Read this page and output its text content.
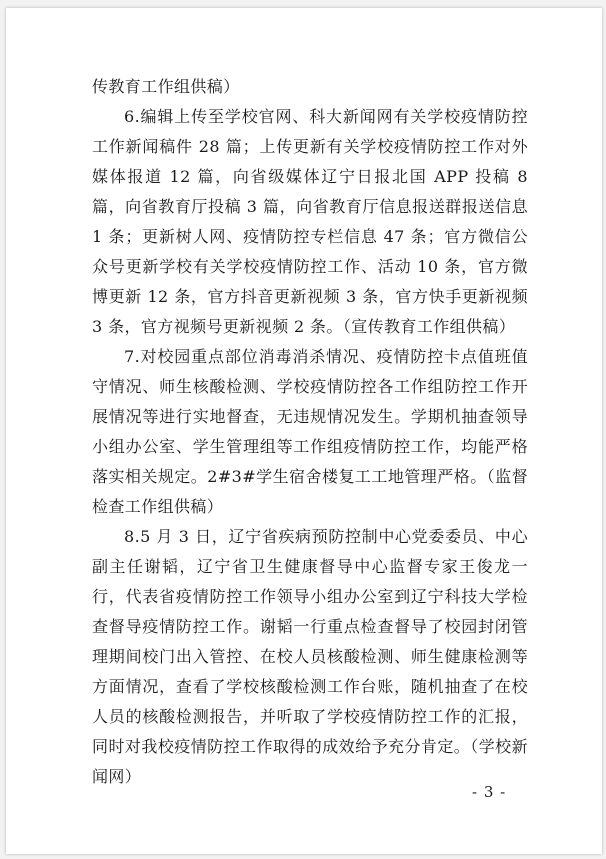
传教育工作组供稿）

6.编辑上传至学校官网、科大新闻网有关学校疫情防控工作新闻稿件 28 篇；上传更新有关学校疫情防控工作对外媒体报道 12 篇，向省级媒体辽宁日报北国 APP 投稿 8 篇，向省教育厅投稿 3 篇，向省教育厅信息报送群报送信息 1 条；更新树人网、疫情防控专栏信息 47 条；官方微信公众号更新学校有关学校疫情防控工作、活动 10 条，官方微博更新 12 条，官方抖音更新视频 3 条，官方快手更新视频 3 条，官方视频号更新视频 2 条。（宣传教育工作组供稿）

7.对校园重点部位消毒消杀情况、疫情防控卡点值班值守情况、师生核酸检测、学校疫情防控各工作组防控工作开展情况等进行实地督查，无违规情况发生。学期机抽查领导小组办公室、学生管理组等工作组疫情防控工作，均能严格落实相关规定。2#3#学生宿舍楼复工工地管理严格。（监督检查工作组供稿）

8.5 月 3 日，辽宁省疾病预防控制中心党委委员、中心副主任谢韬，辽宁省卫生健康督导中心监督专家王俊龙一行，代表省疫情防控工作领导小组办公室到辽宁科技大学检查督导疫情防控工作。谢韬一行重点检查督导了校园封闭管理期间校门出入管控、在校人员核酸检测、师生健康检测等方面情况，查看了学校核酸检测工作台账，随机抽查了在校人员的核酸检测报告，并听取了学校疫情防控工作的汇报，同时对我校疫情防控工作取得的成效给予充分肯定。（学校新闻网）

- 3 -
